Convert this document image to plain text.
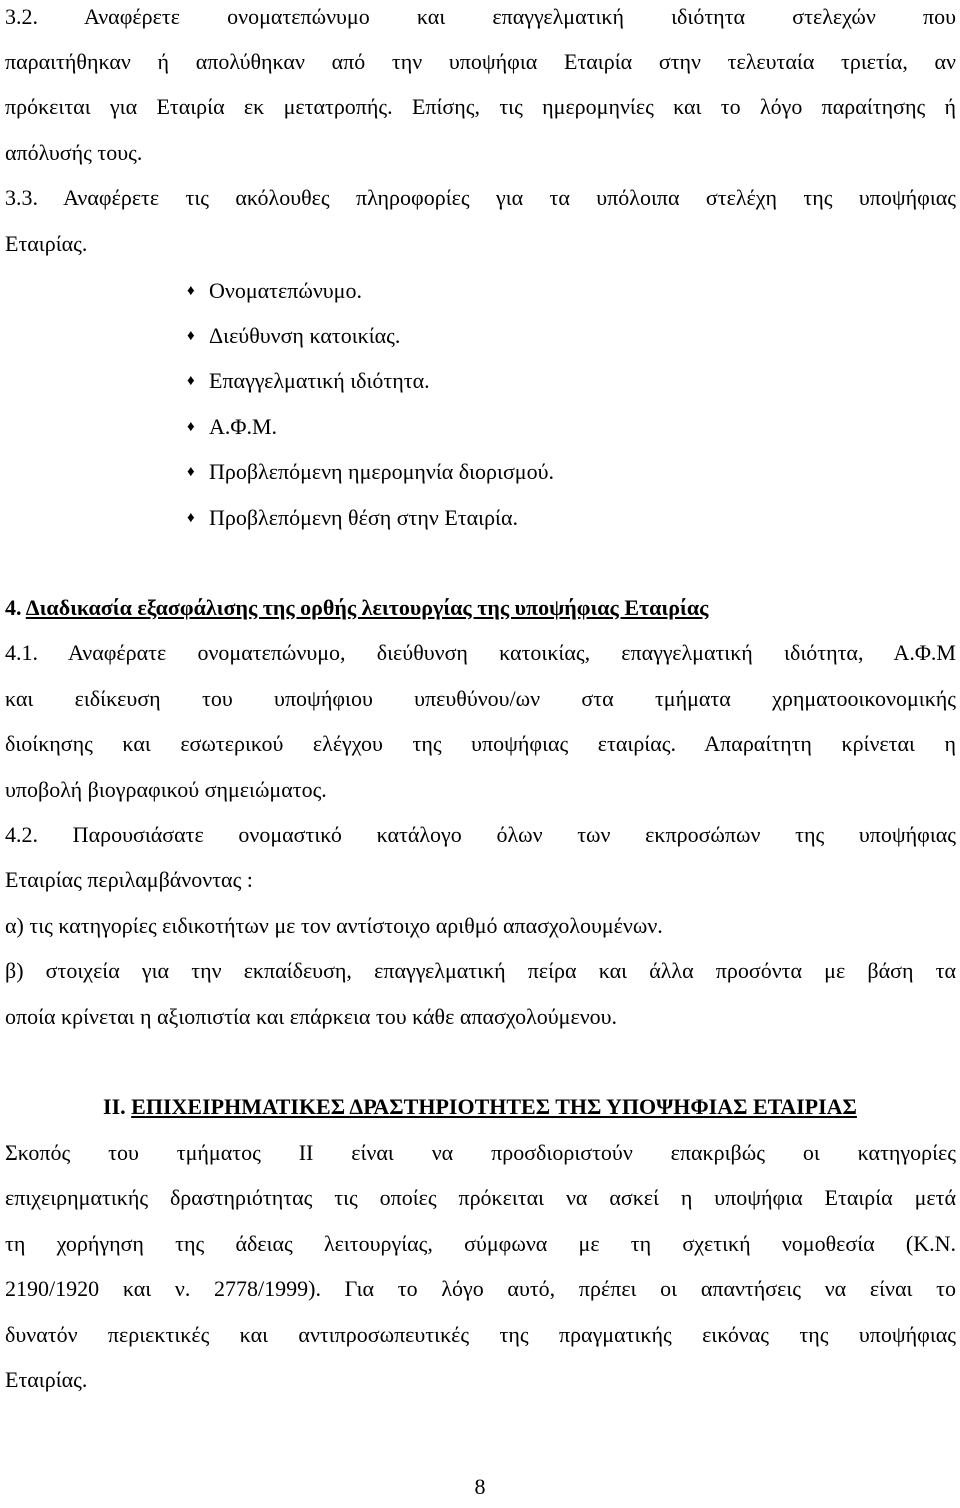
3.2. Αναφέρετε ονοματεπώνυμο και επαγγελματική ιδιότητα στελεχών που
παραιτήθηκαν ή απολύθηκαν από την υποψήφια Εταιρία στην τελευταία τριετία, αν
πρόκειται για Εταιρία εκ μετατροπής. Επίσης, τις ημερομηνίες και το λόγο παραίτησης ή
απόλυσής τους.
3.3. Αναφέρετε τις ακόλουθες πληροφορίες για τα υπόλοιπα στελέχη της υποψήφιας
Εταιρίας.
♦ Ονοματεπώνυμο.
♦ Διεύθυνση κατοικίας.
♦ Επαγγελματική ιδιότητα.
♦ Α.Φ.Μ.
♦ Προβλεπόμενη ημερομηνία διορισμού.
♦ Προβλεπόμενη θέση στην Εταιρία.
4. Διαδικασία εξασφάλισης της ορθής λειτουργίας της υποψήφιας Εταιρίας
4.1. Αναφέρατε ονοματεπώνυμο, διεύθυνση κατοικίας, επαγγελματική ιδιότητα, Α.Φ.Μ
και ειδίκευση του υποψήφιου υπευθύνου/ων στα τμήματα χρηματοοικονομικής
διοίκησης και εσωτερικού ελέγχου της υποψήφιας εταιρίας. Απαραίτητη κρίνεται η
υποβολή βιογραφικού σημειώματος.
4.2. Παρουσιάσατε ονομαστικό κατάλογο όλων των εκπροσώπων της υποψήφιας
Εταιρίας περιλαμβάνοντας :
α) τις κατηγορίες ειδικοτήτων με τον αντίστοιχο αριθμό απασχολουμένων.
β) στοιχεία για την εκπαίδευση, επαγγελματική πείρα και άλλα προσόντα με βάση τα
οποία κρίνεται η αξιοπιστία και επάρκεια του κάθε απασχολούμενου.
II. ΕΠΙΧΕΙΡΗΜΑΤΙΚΕΣ ΔΡΑΣΤΗΡΙΟΤΗΤΕΣ ΤΗΣ ΥΠΟΨΗΦΙΑΣ ΕΤΑΙΡΙΑΣ
Σκοπός του τμήματος ΙΙ είναι να προσδιοριστούν επακριβώς οι κατηγορίες
επιχειρηματικής δραστηριότητας τις οποίες πρόκειται να ασκεί η υποψήφια Εταιρία μετά
τη χορήγηση της άδειας λειτουργίας, σύμφωνα με τη σχετική νομοθεσία (Κ.Ν.
2190/1920 και ν. 2778/1999). Για το λόγο αυτό, πρέπει οι απαντήσεις να είναι το
δυνατόν περιεκτικές και αντιπροσωπευτικές της πραγματικής εικόνας της υποψήφιας
Εταιρίας.
8
